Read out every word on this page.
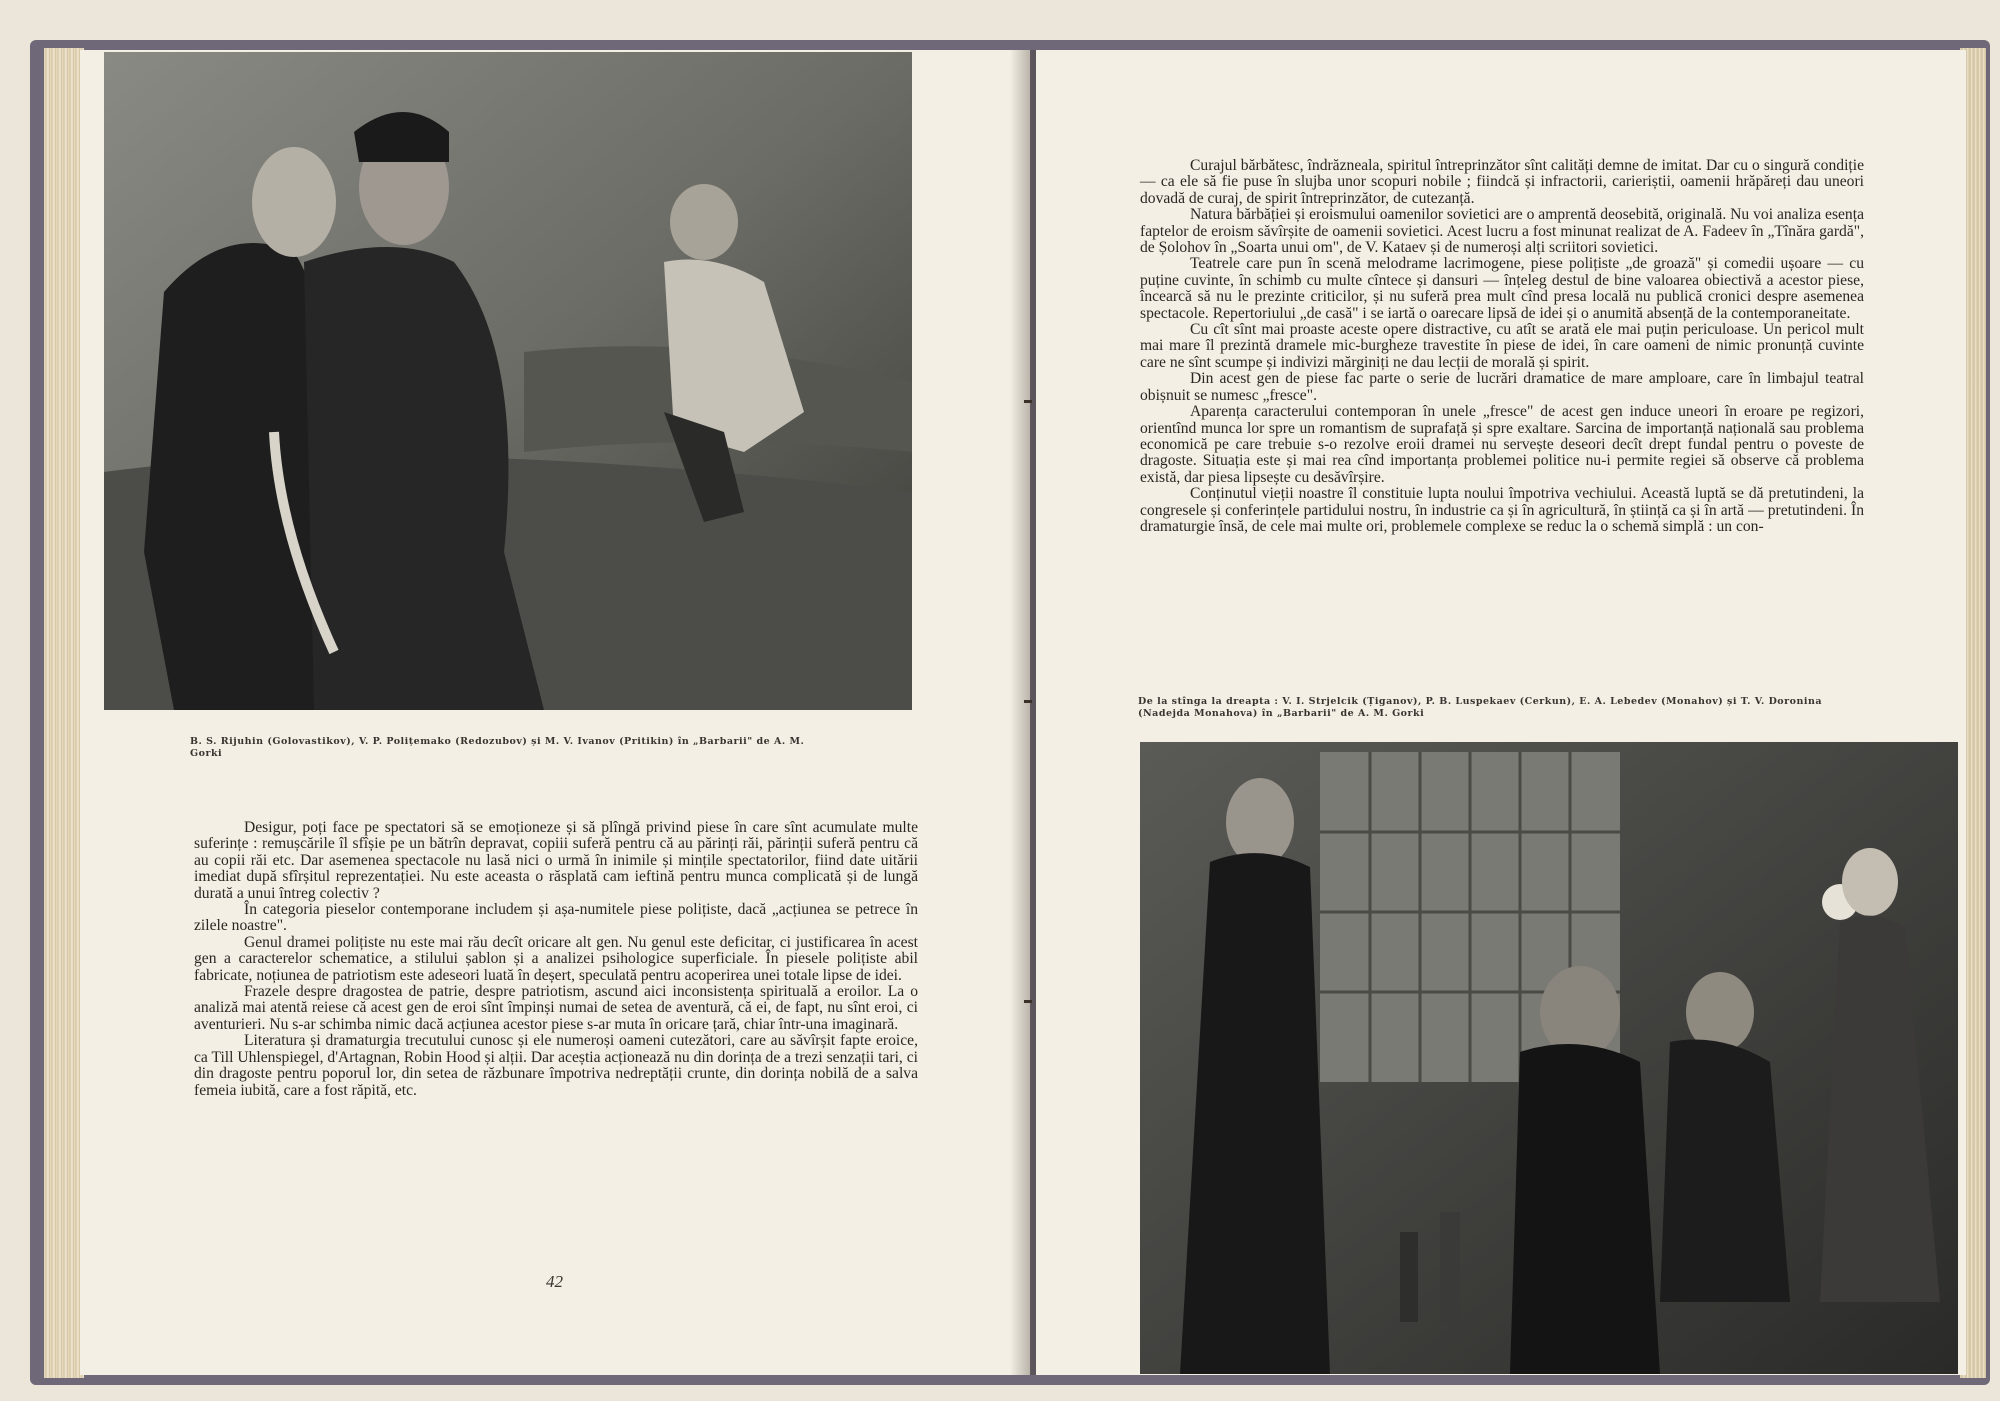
B. S. Rijuhin (Golovastikov), V. P. Polițemako (Redozubov) și M. V. Ivanov (Pritikin) în „Barbarii" de A. M. Gorki

Desigur, poți face pe spectatori să se emoționeze și să plîngă privind piese în care sînt acumulate multe suferințe : remușcările îl sfîșie pe un bătrîn depravat, copiii suferă pentru că au părinți răi, părinții suferă pentru că au copii răi etc. Dar asemenea spectacole nu lasă nici o urmă în inimile și mințile spectatorilor, fiind date uitării imediat după sfîrșitul reprezentației. Nu este aceasta o răsplată cam ieftină pentru munca complicată și de lungă durată a unui întreg colectiv ?

În categoria pieselor contemporane includem și așa-numitele piese polițiste, dacă „acțiunea se petrece în zilele noastre".

Genul dramei polițiste nu este mai rău decît oricare alt gen. Nu genul este deficitar, ci justificarea în acest gen a caracterelor schematice, a stilului șablon și a analizei psihologice superficiale. În piesele polițiste abil fabricate, noțiunea de patriotism este adeseori luată în deșert, speculată pentru acoperirea unei totale lipse de idei.

Frazele despre dragostea de patrie, despre patriotism, ascund aici inconsistența spirituală a eroilor. La o analiză mai atentă reiese că acest gen de eroi sînt împinși numai de setea de aventură, că ei, de fapt, nu sînt eroi, ci aventurieri. Nu s-ar schimba nimic dacă acțiunea acestor piese s-ar muta în oricare țară, chiar într-una imaginară.

Literatura și dramaturgia trecutului cunosc și ele numeroși oameni cutezători, care au săvîrșit fapte eroice, ca Till Uhlenspiegel, d'Artagnan, Robin Hood și alții. Dar aceștia acționează nu din dorința de a trezi senzații tari, ci din dragoste pentru poporul lor, din setea de răzbunare împotriva nedreptății crunte, din dorința nobilă de a salva femeia iubită, care a fost răpită, etc.

42

Curajul bărbătesc, îndrăzneala, spiritul întreprinzător sînt calități demne de imitat. Dar cu o singură condiție — ca ele să fie puse în slujba unor scopuri nobile ; fiindcă și infractorii, carieriștii, oamenii hrăpăreți dau uneori dovadă de curaj, de spirit întreprinzător, de cutezanță.

Natura bărbăției și eroismului oamenilor sovietici are o amprentă deosebită, originală. Nu voi analiza esența faptelor de eroism săvîrșite de oamenii sovietici. Acest lucru a fost minunat realizat de A. Fadeev în „Tînăra gardă", de Șolohov în „Soarta unui om", de V. Kataev și de numeroși alți scriitori sovietici.

Teatrele care pun în scenă melodrame lacrimogene, piese polițiste „de groază" și comedii ușoare — cu puține cuvinte, în schimb cu multe cîntece și dansuri — înțeleg destul de bine valoarea obiectivă a acestor piese, încearcă să nu le prezinte criticilor, și nu suferă prea mult cînd presa locală nu publică cronici despre asemenea spectacole. Repertoriului „de casă" i se iartă o oarecare lipsă de idei și o anumită absență de la contemporaneitate.

Cu cît sînt mai proaste aceste opere distractive, cu atît se arată ele mai puțin periculoase. Un pericol mult mai mare îl prezintă dramele mic-burgheze travestite în piese de idei, în care oameni de nimic pronunță cuvinte care ne sînt scumpe și indivizi mărginiți ne dau lecții de morală și spirit.

Din acest gen de piese fac parte o serie de lucrări dramatice de mare amploare, care în limbajul teatral obișnuit se numesc „fresce".

Aparența caracterului contemporan în unele „fresce" de acest gen induce uneori în eroare pe regizori, orientînd munca lor spre un romantism de suprafață și spre exaltare. Sarcina de importanță națională sau problema economică pe care trebuie s-o rezolve eroii dramei nu servește deseori decît drept fundal pentru o poveste de dragoste. Situația este și mai rea cînd importanța problemei politice nu-i permite regiei să observe că problema există, dar piesa lipsește cu desăvîrșire.

Conținutul vieții noastre îl constituie lupta noului împotriva vechiului. Această luptă se dă pretutindeni, la congresele și conferințele partidului nostru, în industrie ca și în agricultură, în știință ca și în artă — pretutindeni. În dramaturgie însă, de cele mai multe ori, problemele complexe se reduc la o schemă simplă : un con-

De la stînga la dreapta : V. I. Strjelcik (Țiganov), P. B. Luspekaev (Cerkun), E. A. Lebedev (Monahov) și T. V. Doronina (Nadejda Monahova) în „Barbarii" de A. M. Gorki
